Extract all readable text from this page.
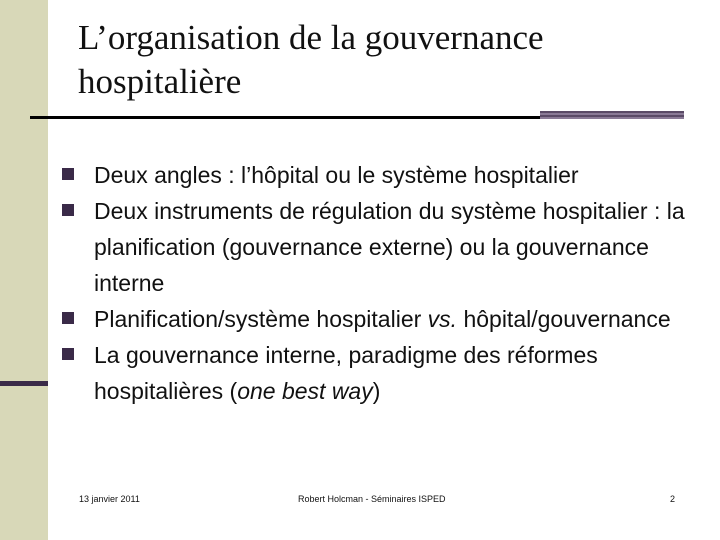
L’organisation de la gouvernance hospitalière
Deux angles : l’hôpital ou le système hospitalier
Deux instruments de régulation du système hospitalier : la planification (gouvernance externe) ou la gouvernance interne
Planification/système hospitalier vs. hôpital/gouvernance
La gouvernance interne, paradigme des réformes hospitalières (one best way)
13 janvier 2011	Robert Holcman - Séminaires ISPED	2
